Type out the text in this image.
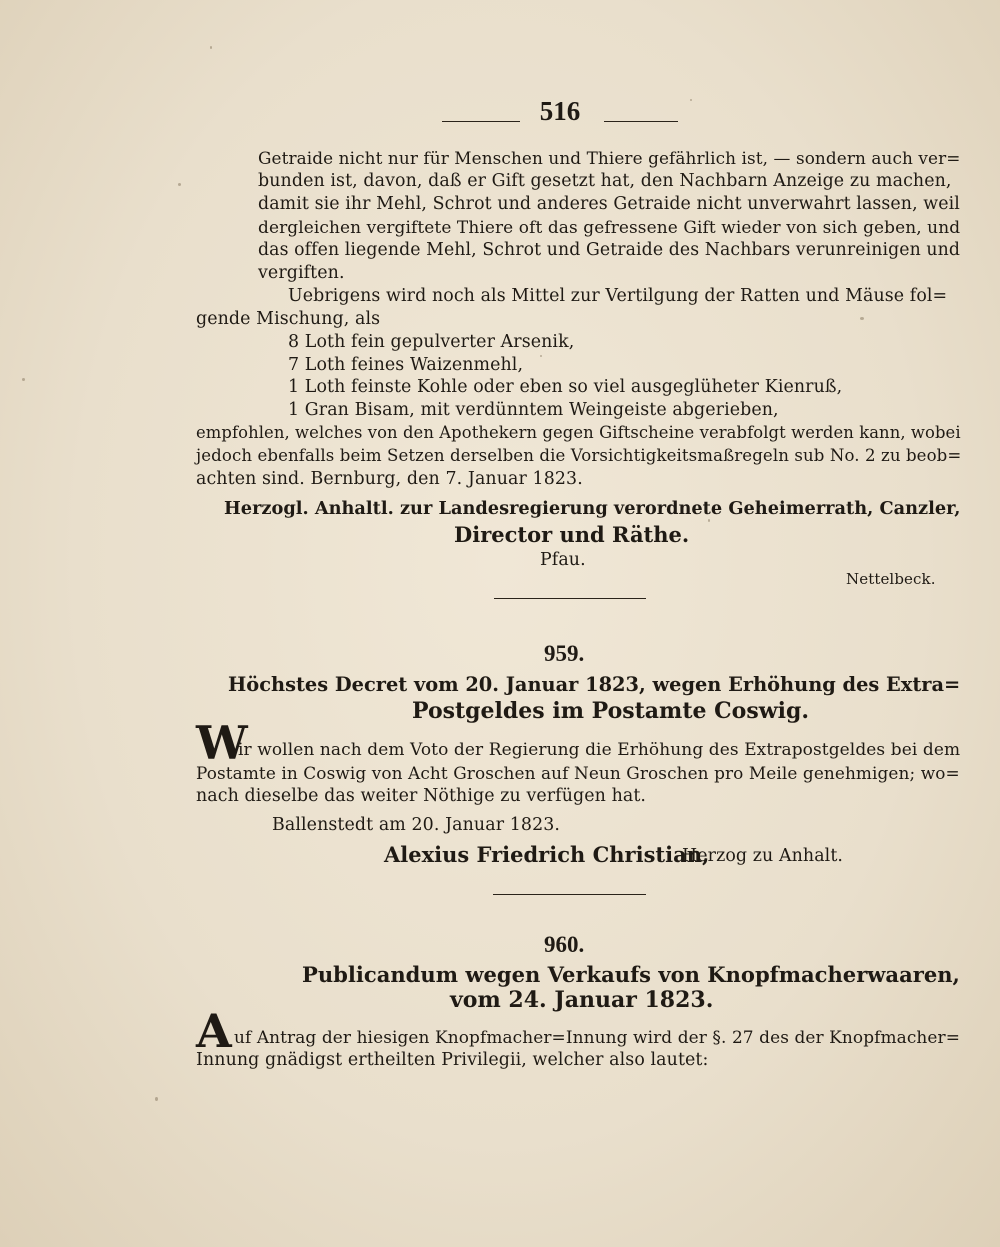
516
Getraide nicht nur für Menschen und Thiere gefährlich ist, — sondern auch ver=
bunden ist, davon, daß er Gift gesetzt hat, den Nachbarn Anzeige zu machen,
damit sie ihr Mehl, Schrot und anderes Getraide nicht unverwahrt lassen, weil
dergleichen vergiftete Thiere oft das gefressene Gift wieder von sich geben, und
das offen liegende Mehl, Schrot und Getraide des Nachbars verunreinigen und
vergiften.
Uebrigens wird noch als Mittel zur Vertilgung der Ratten und Mäuse fol=
gende Mischung, als
8 Loth fein gepulverter Arsenik,
7 Loth feines Waizenmehl,
1 Loth feinste Kohle oder eben so viel ausgeglüheter Kienruß,
1 Gran Bisam, mit verdünntem Weingeiste abgerieben,
empfohlen, welches von den Apothekern gegen Giftscheine verabfolgt werden kann, wobei
jedoch ebenfalls beim Setzen derselben die Vorsichtigkeitsmaßregeln sub No. 2 zu beob=
achten sind. Bernburg, den 7. Januar 1823.
Herzogl. Anhaltl. zur Landesregierung verordnete Geheimerrath, Canzler,
Director und Räthe.
Pfau.
Nettelbeck.
959.
Höchstes Decret vom 20. Januar 1823, wegen Erhöhung des Extra=
Postgeldes im Postamte Coswig.
W
ir wollen nach dem Voto der Regierung die Erhöhung des Extrapostgeldes bei dem
Postamte in Coswig von Acht Groschen auf Neun Groschen pro Meile genehmigen; wo=
nach dieselbe das weiter Nöthige zu verfügen hat.
Ballenstedt am 20. Januar 1823.
Alexius Friedrich Christian,
Herzog zu Anhalt.
960.
Publicandum wegen Verkaufs von Knopfmacherwaaren,
vom 24. Januar 1823.
A uf Antrag der hiesigen Knopfmacher=Innung wird der §. 27 des der Knopfmacher=
Innung gnädigst ertheilten Privilegii, welcher also lautet:
